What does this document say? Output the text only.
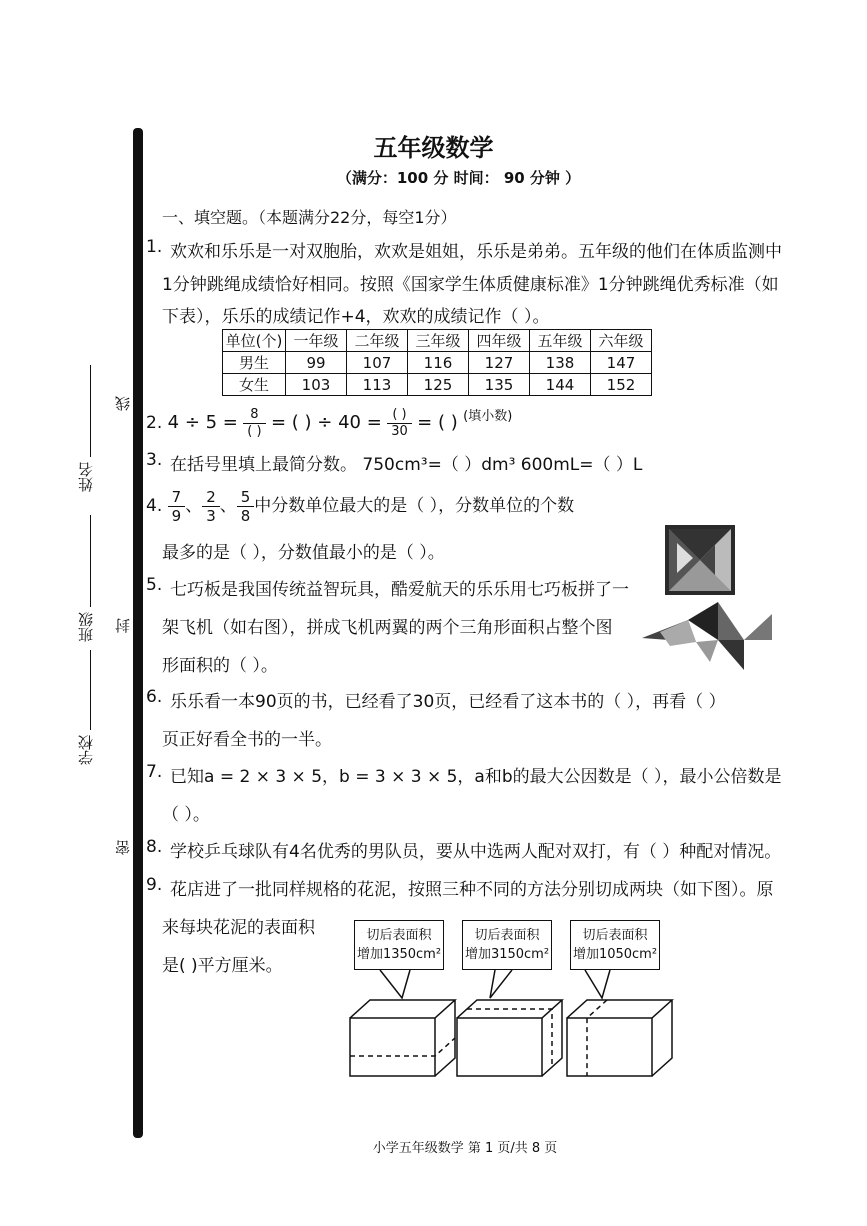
线
封
密
姓名
班级
学校
五年级数学
（满分：100 分 时间： 90 分钟 ）
一、填空题。（本题满分22分，每空1分）
1. 欢欢和乐乐是一对双胞胎，欢欢是姐姐，乐乐是弟弟。五年级的他们在体质监测中
1分钟跳绳成绩恰好相同。按照《国家学生体质健康标准》1分钟跳绳优秀标准（如
下表），乐乐的成绩记作+4，欢欢的成绩记作（ ）。
单位(个)	一年级	二年级	三年级	四年级	五年级	六年级
男生	99	107	116	127	138	147
女生	103	113	125	135	144	152
2. $4 \div 5 = \frac{8}{( )}$ = ( ) ÷ $40 = \frac{( )}{30}$ = ( ) $^{(填小数)}$
3. 在括号里填上最简分数。 750cm³=（ ）dm³ 600mL=（ ）L
4. $\frac{7}{9}$ 、 $\frac{2}{3}$ 、 $\frac{5}{8}$ 中分数单位最大的是（ ），分数单位的个数
最多的是（ ），分数值最小的是（ ）。
5. 七巧板是我国传统益智玩具，酷爱航天的乐乐用七巧板拼了一
架飞机（如右图），拼成飞机两翼的两个三角形面积占整个图
形面积的（ ）。
6. 乐乐看一本90页的书，已经看了30页，已经看了这本书的（ ），再看（ ）
页正好看全书的一半。
7. 已知a = 2 × 3 × 5，b = 3 × 3 × 5，a和b的最大公因数是（ ），最小公倍数是
（ ）。
8. 学校乒乓球队有4名优秀的男队员，要从中选两人配对双打，有（ ）种配对情况。
9. 花店进了一批同样规格的花泥，按照三种不同的方法分别切成两块（如下图）。原
来每块花泥的表面积
是( )平方厘米。
切后表面积
增加1350cm²
切后表面积
增加3150cm²
切后表面积
增加1050cm²
小学五年级数学 第 1 页/共 8 页
